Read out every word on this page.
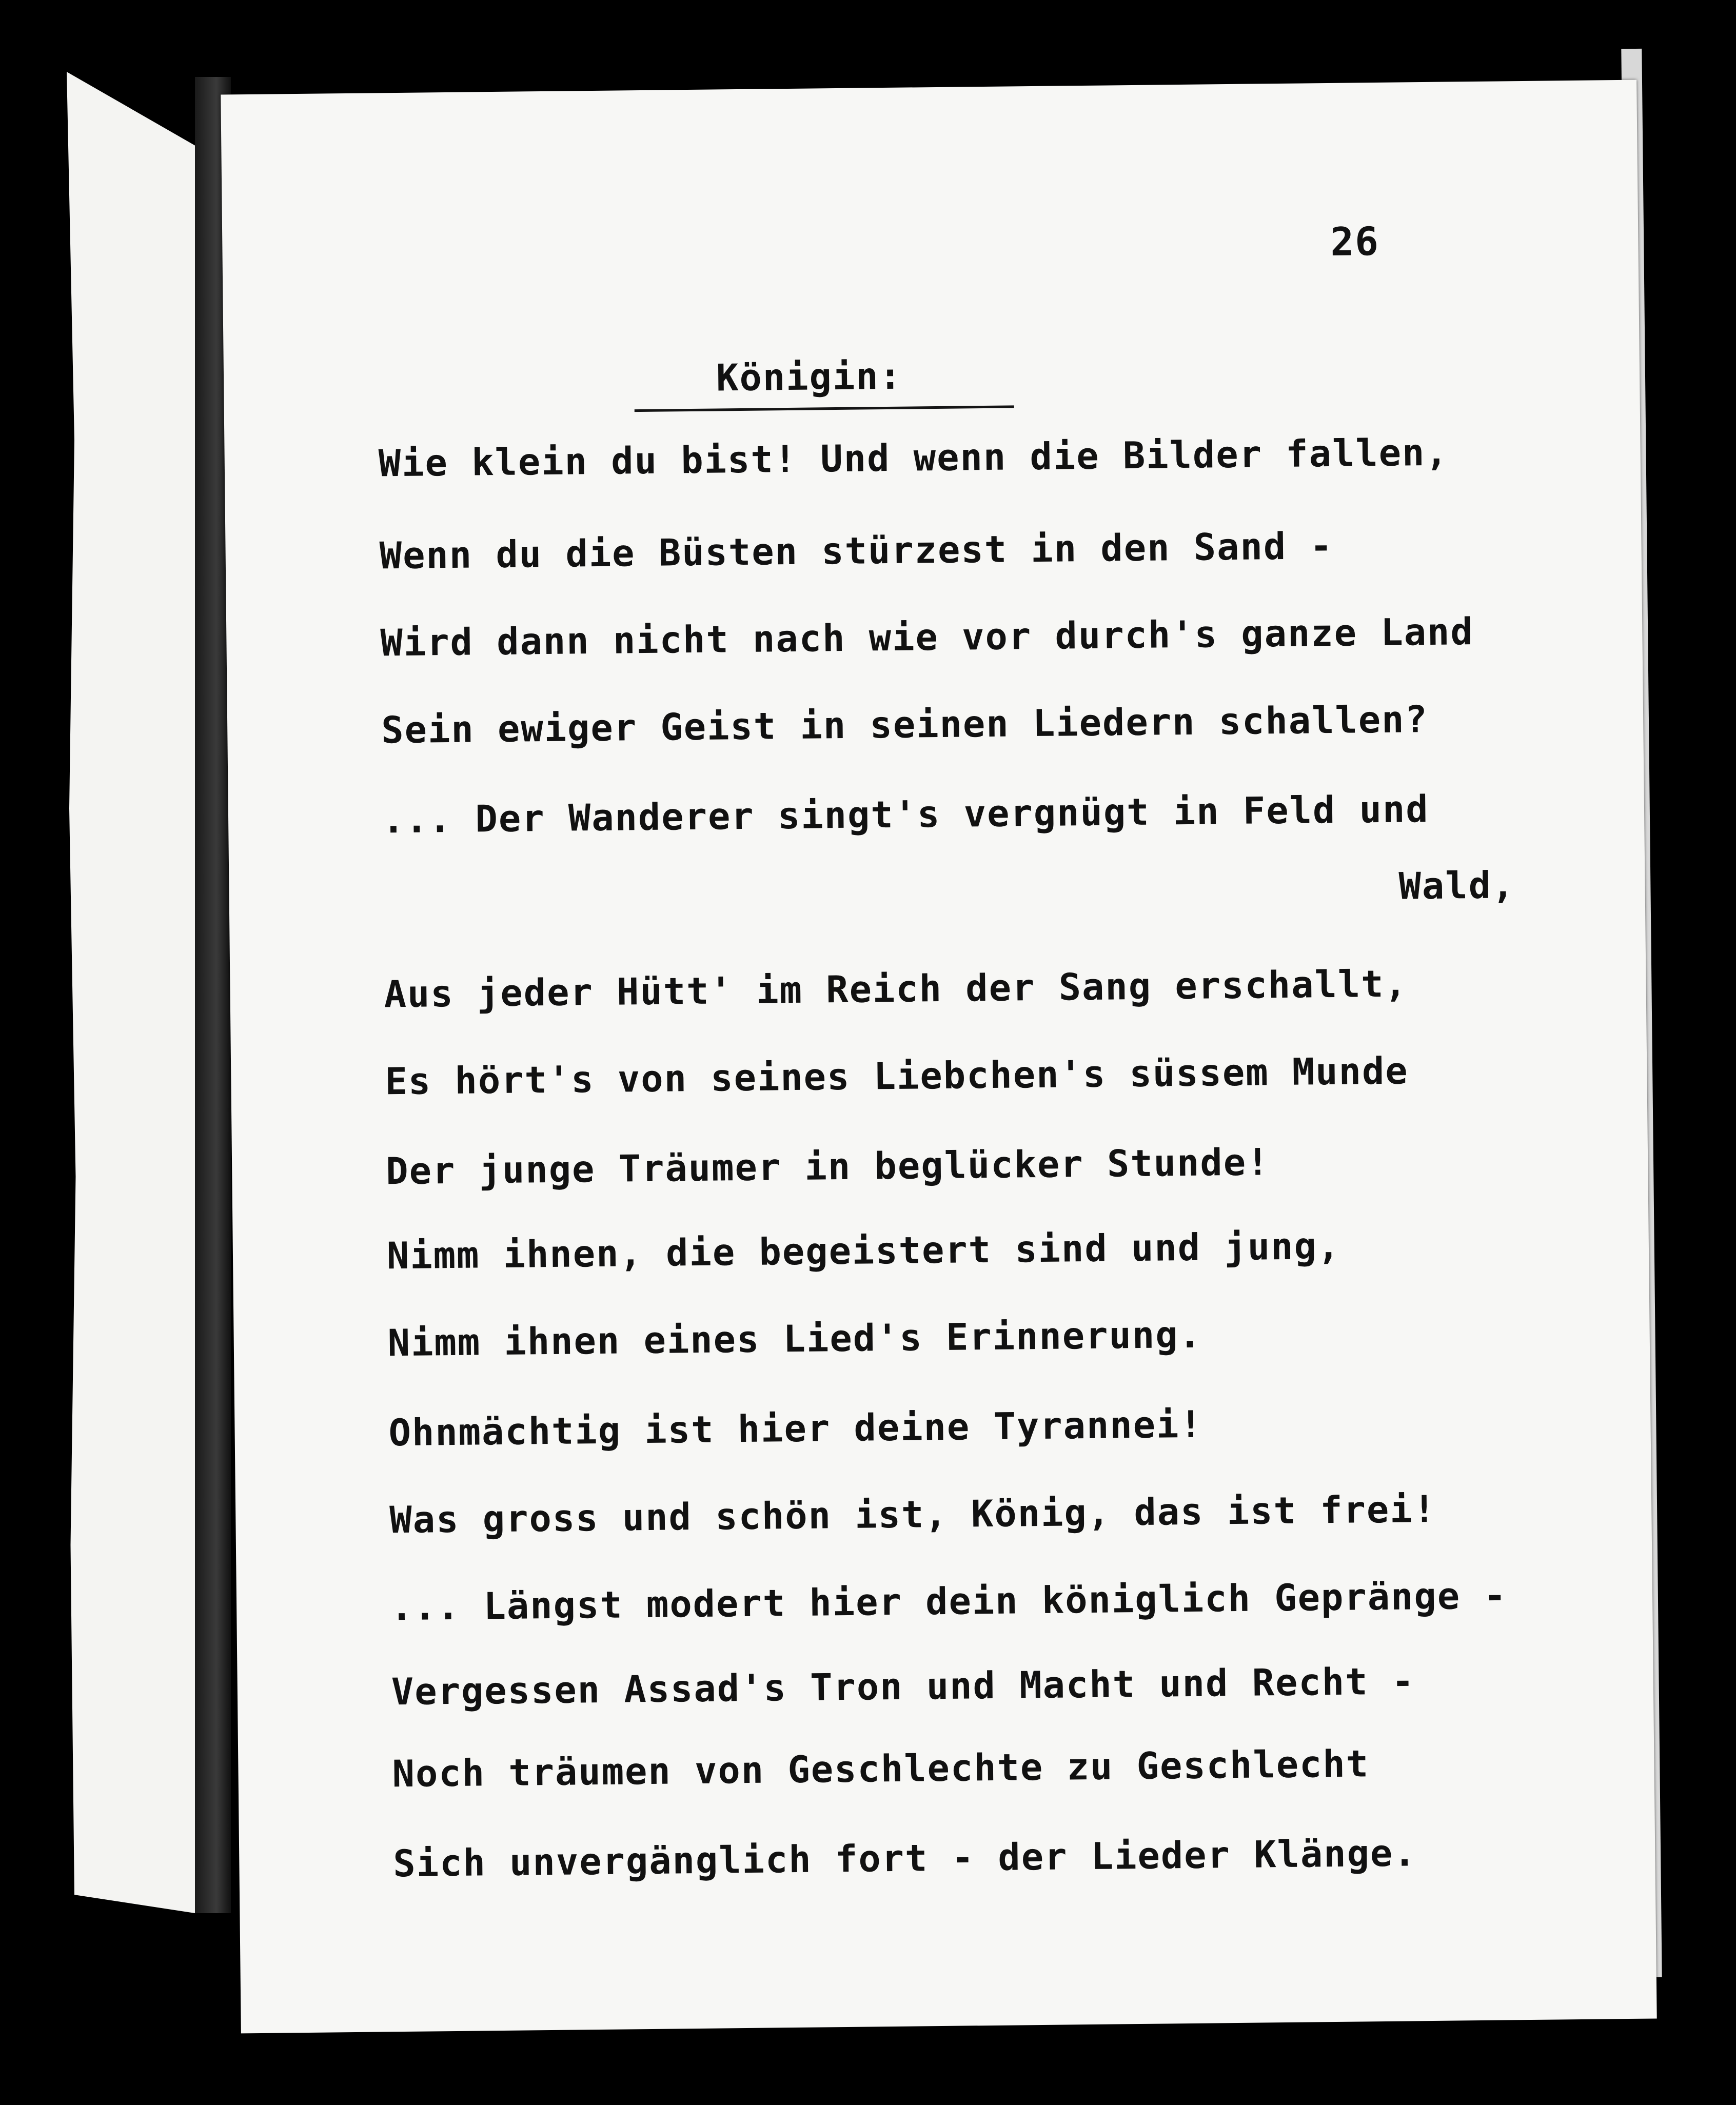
26

Königin:

Wie klein du bist! Und wenn die Bilder fallen,

Wenn du die Büsten stürzest in den Sand -

Wird dann nicht nach wie vor durch's ganze Land

Sein ewiger Geist in seinen Liedern schallen?

... Der Wanderer singt's vergnügt in Feld und

Wald,

Aus jeder Hütt' im Reich der Sang erschallt,

Es hört's von seines Liebchen's süssem Munde

Der junge Träumer in beglücker Stunde!

Nimm ihnen, die begeistert sind und jung,

Nimm ihnen eines Lied's Erinnerung.

Ohnmächtig ist hier deine Tyrannei!

Was gross und schön ist, König, das ist frei!

... Längst modert hier dein königlich Gepränge -

Vergessen Assad's Tron und Macht und Recht -

Noch träumen von Geschlechte zu Geschlecht

Sich unvergänglich fort - der Lieder Klänge.
